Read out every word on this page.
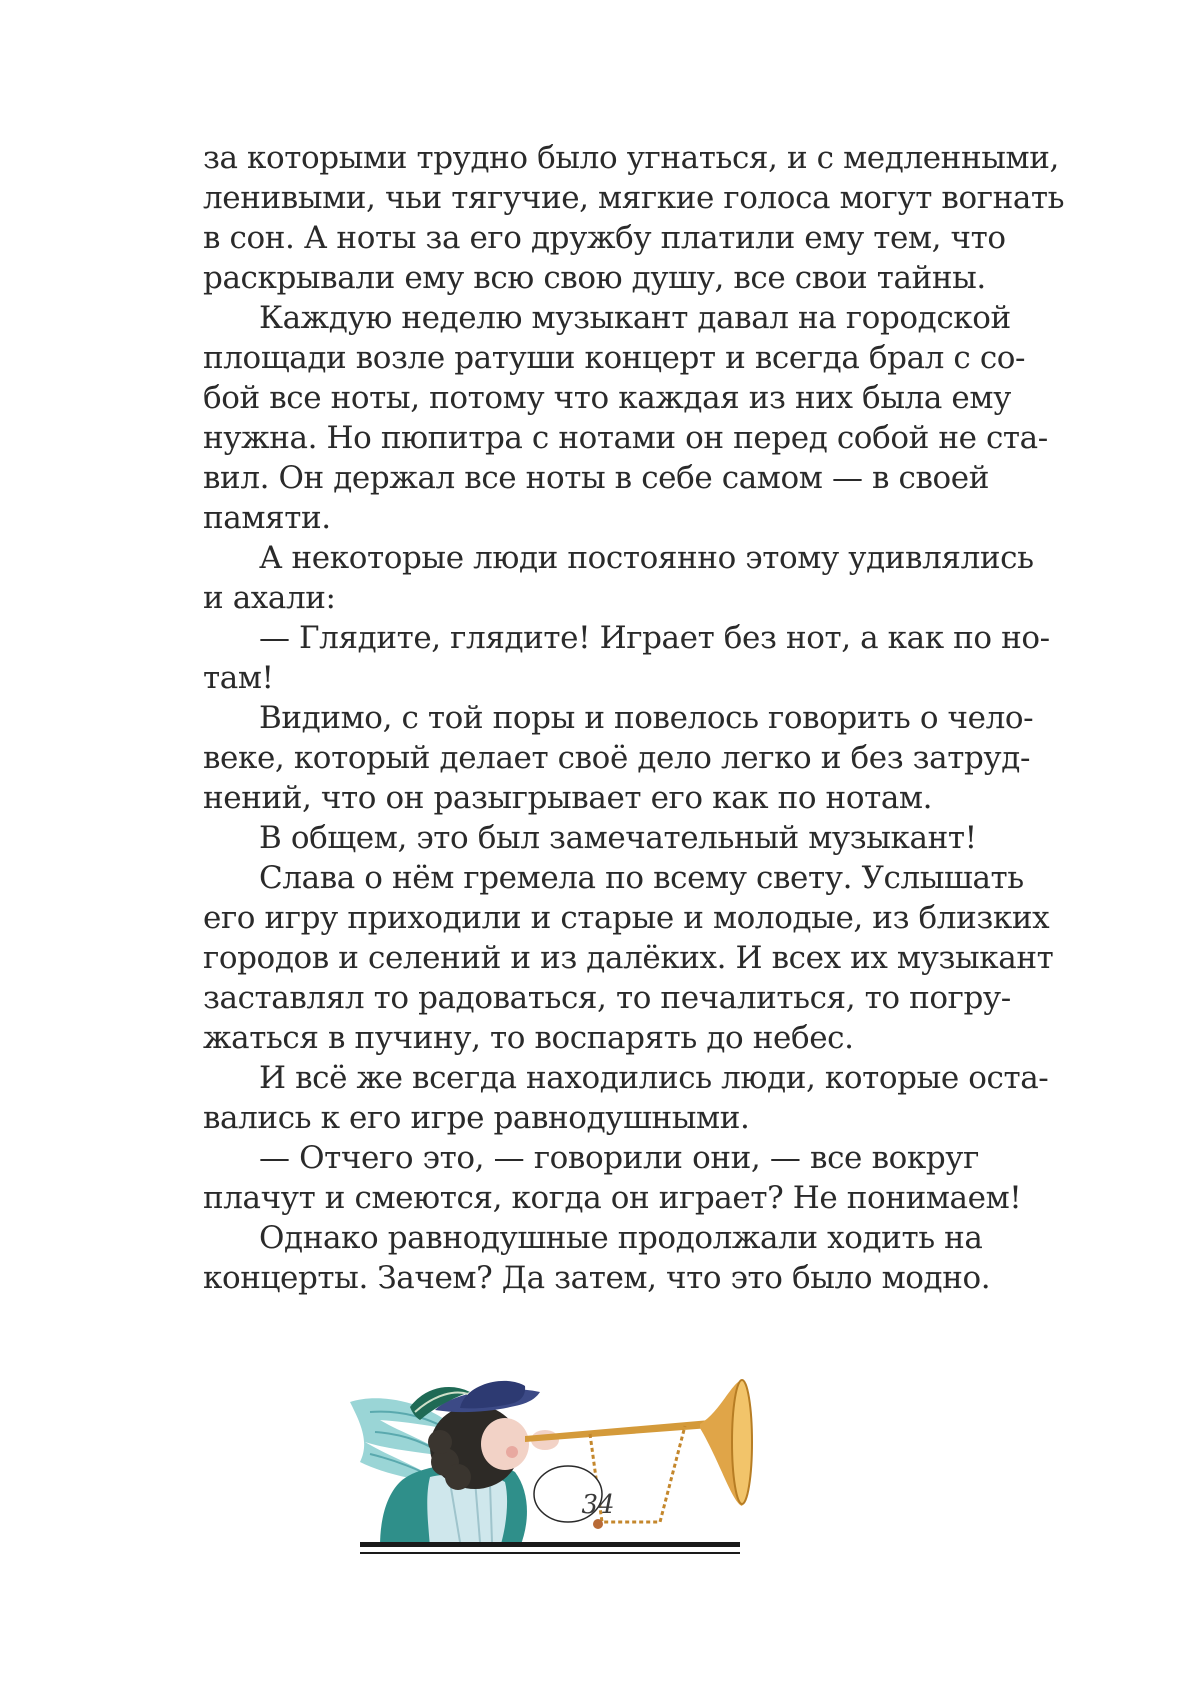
за которыми трудно было угнаться, и с медленными,
ленивыми, чьи тягучие, мягкие голоса могут вогнать
в сон. А ноты за его дружбу платили ему тем, что
раскрывали ему всю свою душу, все свои тайны.

Каждую неделю музыкант давал на городской
площади возле ратуши концерт и всегда брал с со-
бой все ноты, потому что каждая из них была ему
нужна. Но пюпитра с нотами он перед собой не ста-
вил. Он держал все ноты в себе самом — в своей
памяти.

А некоторые люди постоянно этому удивлялись
и ахали:

— Глядите, глядите! Играет без нот, а как по но-
там!

Видимо, с той поры и повелось говорить о чело-
веке, который делает своё дело легко и без затруд-
нений, что он разыгрывает его как по нотам.

В общем, это был замечательный музыкант!

Слава о нём гремела по всему свету. Услышать
его игру приходили и старые и молодые, из близких
городов и селений и из далёких. И всех их музыкант
заставлял то радоваться, то печалиться, то погру-
жаться в пучину, то воспарять до небес.

И всё же всегда находились люди, которые оста-
вались к его игре равнодушными.

— Отчего это, — говорили они, — все вокруг
плачут и смеются, когда он играет? Не понимаем!

Однако равнодушные продолжали ходить на
концерты. Зачем? Да затем, что это было модно.

34
